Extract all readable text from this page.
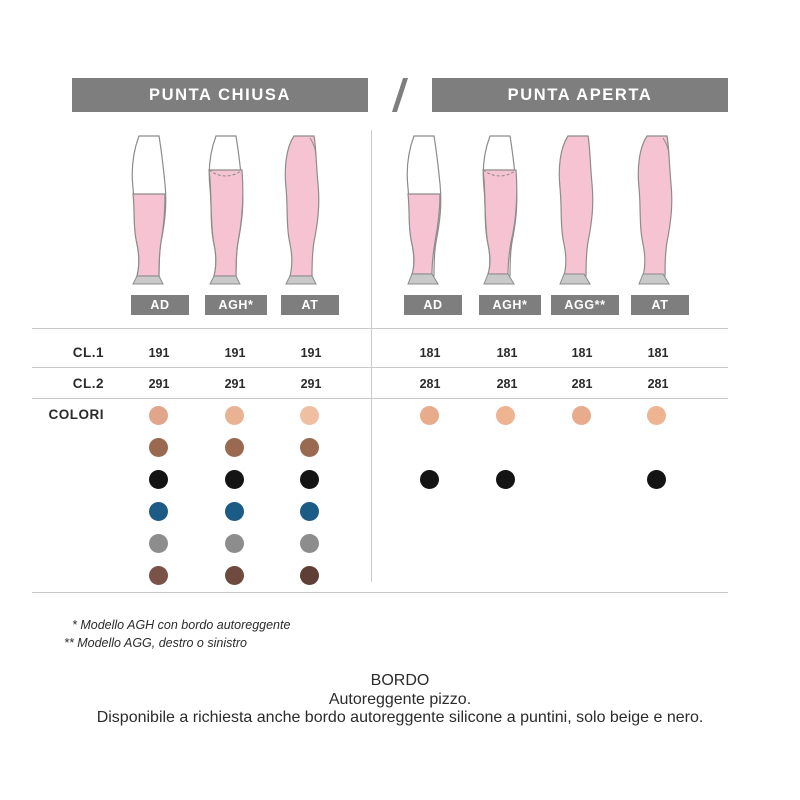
PUNTA CHIUSA	PUNTA APERTA
AD	AGH*	AT	AD	AGH*	AGG**	AT
CL.1	191	191	191	181	181	181	181
CL.2	291	291	291	281	281	281	281
COLORI
* Modello AGH con bordo autoreggente
** Modello AGG, destro o sinistro
BORDO
Autoreggente pizzo.
Disponibile a richiesta anche bordo autoreggente silicone a puntini, solo beige e nero.
